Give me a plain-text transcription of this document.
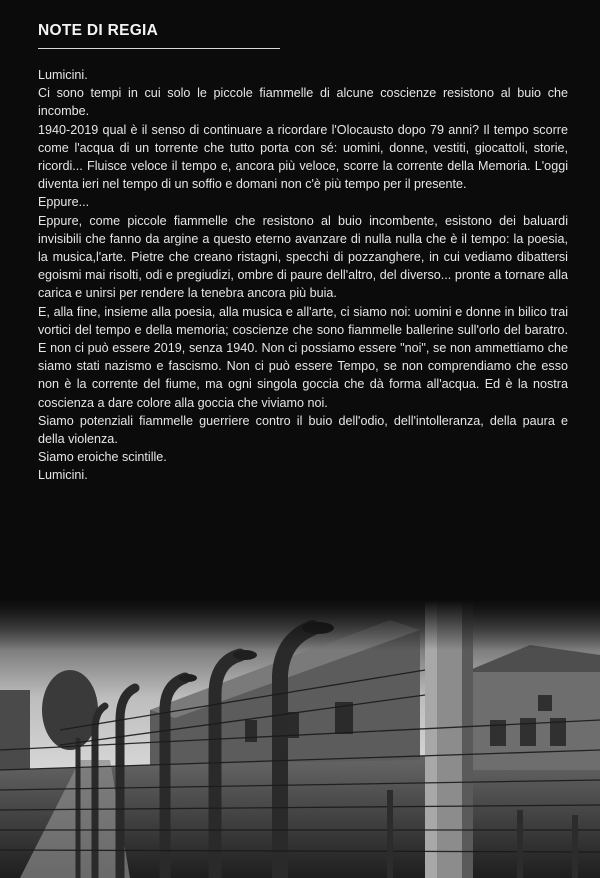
NOTE DI REGIA

Lumicini.

Ci sono tempi in cui solo le piccole fiammelle di alcune coscienze resistono al buio che incombe.

1940-2019 qual è il senso di continuare a ricordare l'Olocausto dopo 79 anni? Il tempo scorre come l'acqua di un torrente che tutto porta con sé: uomini, donne, vestiti, giocattoli, storie, ricordi... Fluisce veloce il tempo e, ancora più veloce, scorre la corrente della Memoria. L'oggi diventa ieri nel tempo di un soffio e domani non c'è più tempo per il presente.

Eppure...

Eppure, come piccole fiammelle che resistono al buio incombente, esistono dei baluardi invisibili che fanno da argine a questo eterno avanzare di nulla nulla che è il tempo: la poesia, la musica,l'arte. Pietre che creano ristagni, specchi di pozzanghere, in cui vediamo dibattersi egoismi mai risolti, odi e pregiudizi, ombre di paure dell'altro, del diverso... pronte a tornare alla carica e unirsi per rendere la tenebra ancora più buia.

E, alla fine, insieme alla poesia, alla musica e all'arte, ci siamo noi: uomini e donne in bilico trai vortici del tempo e della memoria; coscienze che sono fiammelle ballerine sull'orlo del baratro. E non ci può essere 2019, senza 1940. Non ci possiamo essere "noi", se non ammettiamo che siamo stati nazismo e fascismo. Non ci può essere Tempo, se non comprendiamo che esso non è la corrente del fiume, ma ogni singola goccia che dà forma all'acqua. Ed è la nostra coscienza a dare colore alla goccia che viviamo noi.

Siamo potenziali fiammelle guerriere contro il buio dell'odio, dell'intolleranza, della paura e della violenza.

Siamo eroiche scintille.

Lumicini.
